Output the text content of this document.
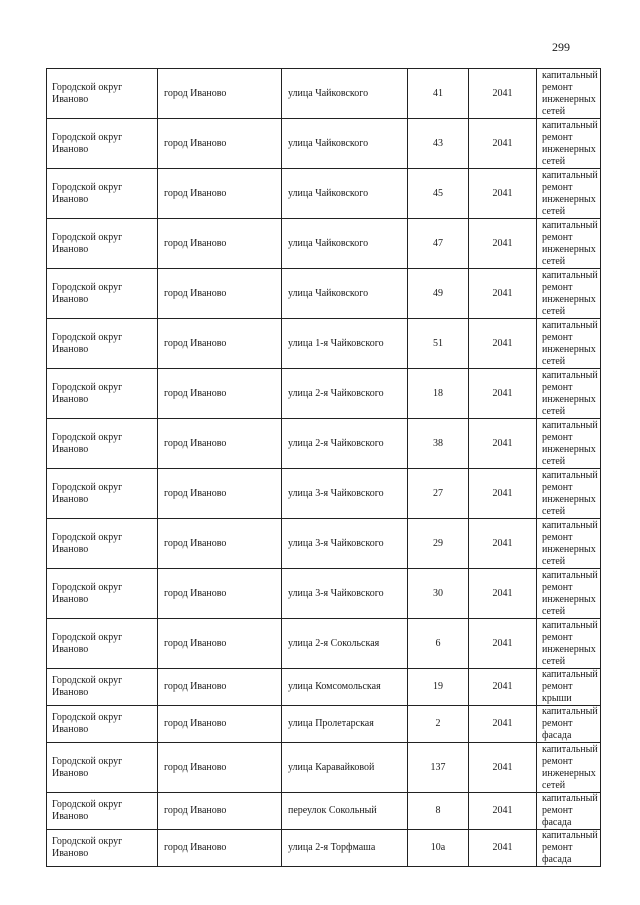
299
Городской округ Иваново	город Иваново	улица Чайковского	41	2041	капитальный ремонт инженерных сетей
Городской округ Иваново	город Иваново	улица Чайковского	43	2041	капитальный ремонт инженерных сетей
Городской округ Иваново	город Иваново	улица Чайковского	45	2041	капитальный ремонт инженерных сетей
Городской округ Иваново	город Иваново	улица Чайковского	47	2041	капитальный ремонт инженерных сетей
Городской округ Иваново	город Иваново	улица Чайковского	49	2041	капитальный ремонт инженерных сетей
Городской округ Иваново	город Иваново	улица 1-я Чайковского	51	2041	капитальный ремонт инженерных сетей
Городской округ Иваново	город Иваново	улица 2-я Чайковского	18	2041	капитальный ремонт инженерных сетей
Городской округ Иваново	город Иваново	улица 2-я Чайковского	38	2041	капитальный ремонт инженерных сетей
Городской округ Иваново	город Иваново	улица 3-я Чайковского	27	2041	капитальный ремонт инженерных сетей
Городской округ Иваново	город Иваново	улица 3-я Чайковского	29	2041	капитальный ремонт инженерных сетей
Городской округ Иваново	город Иваново	улица 3-я Чайковского	30	2041	капитальный ремонт инженерных сетей
Городской округ Иваново	город Иваново	улица 2-я Сокольская	6	2041	капитальный ремонт инженерных сетей
Городской округ Иваново	город Иваново	улица Комсомольская	19	2041	капитальный ремонт крыши
Городской округ Иваново	город Иваново	улица Пролетарская	2	2041	капитальный ремонт фасада
Городской округ Иваново	город Иваново	улица Каравайковой	137	2041	капитальный ремонт инженерных сетей
Городской округ Иваново	город Иваново	переулок Сокольный	8	2041	капитальный ремонт фасада
Городской округ Иваново	город Иваново	улица 2-я Торфмаша	10а	2041	капитальный ремонт фасада
